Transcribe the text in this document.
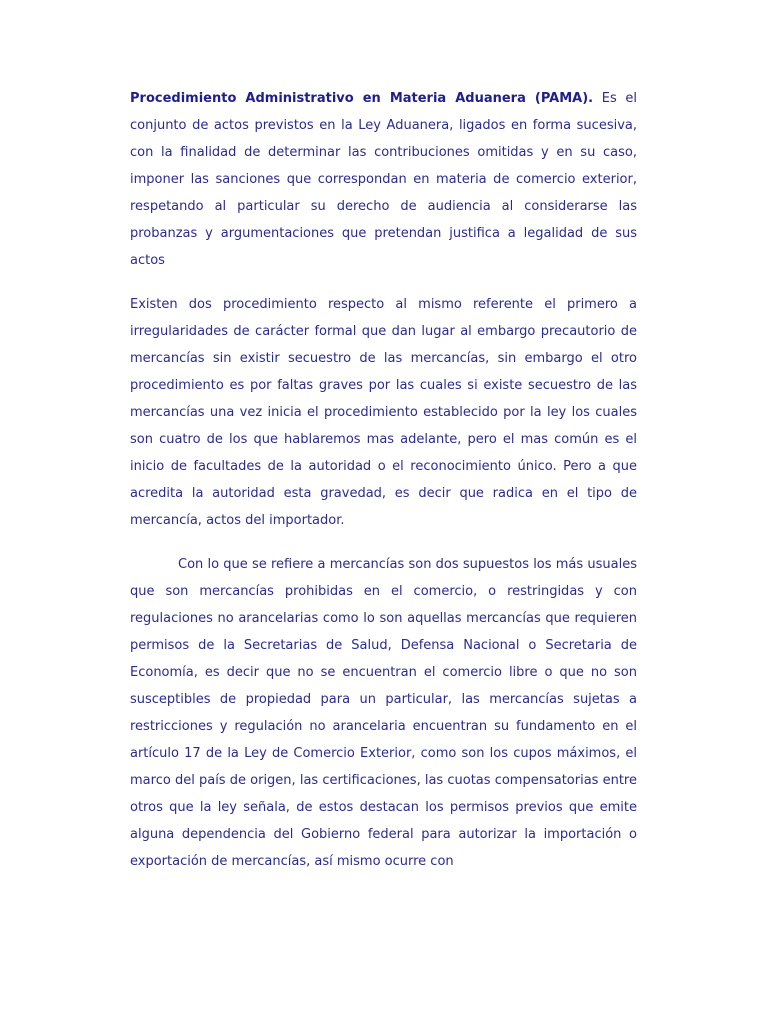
Procedimiento Administrativo en Materia Aduanera (PAMA). Es el conjunto de actos previstos en la Ley Aduanera, ligados en forma sucesiva, con la finalidad de determinar las contribuciones omitidas y en su caso, imponer las sanciones que correspondan en materia de comercio exterior, respetando al particular su derecho de audiencia al considerarse las probanzas y argumentaciones que pretendan justifica a legalidad de sus actos

Existen dos procedimiento respecto al mismo referente el primero a irregularidades de carácter formal que dan lugar al embargo precautorio de mercancías sin existir secuestro de las mercancías, sin embargo el otro procedimiento es por faltas graves por las cuales si existe secuestro de las mercancías una vez inicia el procedimiento establecido por la ley los cuales son cuatro de los que hablaremos mas adelante, pero el mas común es el inicio de facultades de la autoridad o el reconocimiento único. Pero a que acredita la autoridad esta gravedad, es decir que radica en el tipo de mercancía, actos del importador.

Con lo que se refiere a mercancías son dos supuestos los más usuales que son mercancías prohibidas en el comercio, o restringidas y con regulaciones no arancelarias como lo son aquellas mercancías que requieren permisos de la Secretarias de Salud, Defensa Nacional o Secretaria de Economía, es decir que no se encuentran el comercio libre o que no son susceptibles de propiedad para un particular, las mercancías sujetas a restricciones y regulación no arancelaria encuentran su fundamento en el artículo 17 de la Ley de Comercio Exterior, como son los cupos máximos, el marco del país de origen, las certificaciones, las cuotas compensatorias entre otros que la ley señala, de estos destacan los permisos previos que emite alguna dependencia del Gobierno federal para autorizar la importación o exportación de mercancías, así mismo ocurre con
